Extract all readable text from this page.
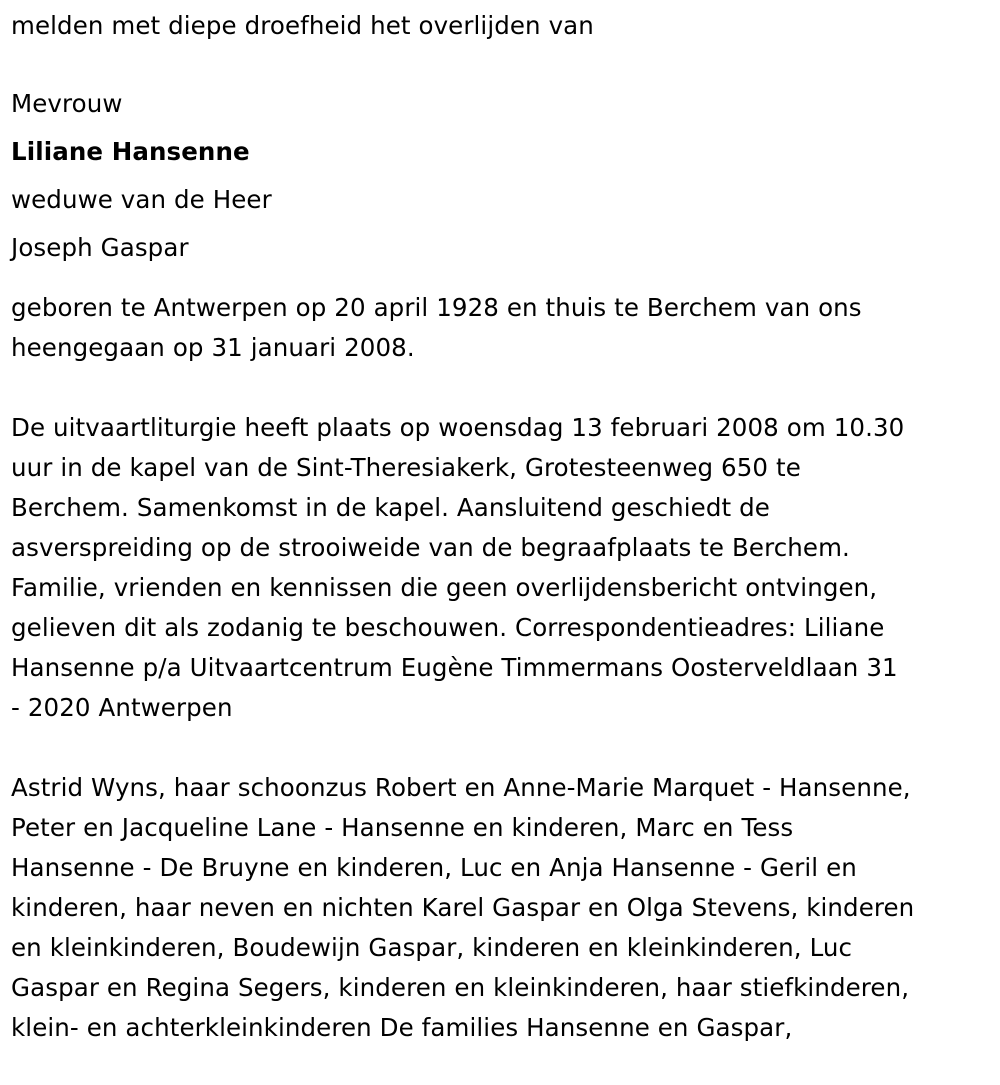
melden met diepe droefheid het overlijden van

Mevrouw

Liliane Hansenne

weduwe van de Heer

Joseph Gaspar

geboren te Antwerpen op 20 april 1928 en thuis te Berchem van ons
heengegaan op 31 januari 2008.

De uitvaartliturgie heeft plaats op woensdag 13 februari 2008 om 10.30
uur in de kapel van de Sint-Theresiakerk, Grotesteenweg 650 te
Berchem. Samenkomst in de kapel. Aansluitend geschiedt de
asverspreiding op de strooiweide van de begraafplaats te Berchem.
Familie, vrienden en kennissen die geen overlijdensbericht ontvingen,
gelieven dit als zodanig te beschouwen. Correspondentieadres: Liliane
Hansenne p/a Uitvaartcentrum Eugène Timmermans Oosterveldlaan 31
- 2020 Antwerpen

Astrid Wyns, haar schoonzus Robert en Anne-Marie Marquet - Hansenne,
Peter en Jacqueline Lane - Hansenne en kinderen, Marc en Tess
Hansenne - De Bruyne en kinderen, Luc en Anja Hansenne - Geril en
kinderen, haar neven en nichten Karel Gaspar en Olga Stevens, kinderen
en kleinkinderen, Boudewijn Gaspar, kinderen en kleinkinderen, Luc
Gaspar en Regina Segers, kinderen en kleinkinderen, haar stiefkinderen,
klein- en achterkleinkinderen De families Hansenne en Gaspar,
